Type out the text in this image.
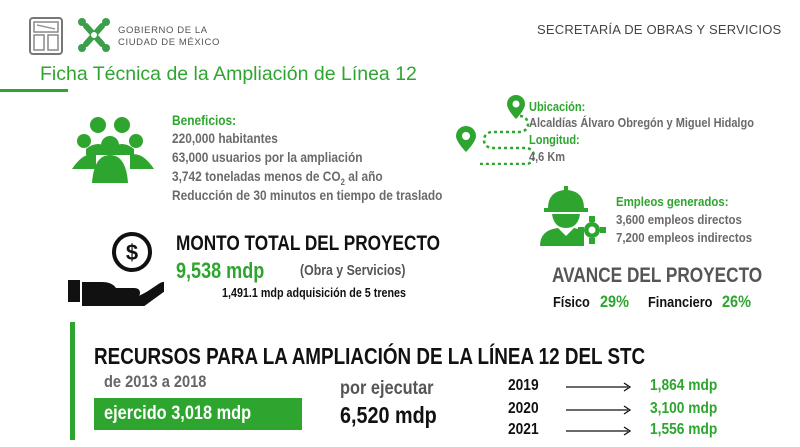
GOBIERNO DE LA
CIUDAD DE MÉXICO
SECRETARÍA DE OBRAS Y SERVICIOS
Ficha Técnica de la Ampliación de Línea 12
Beneficios:
220,000 habitantes
63,000 usuarios por la ampliación
3,742 toneladas menos de $CO_2$ al año
Reducción de 30 minutos en tiempo de traslado
Ubicación:
Alcaldías Álvaro Obregón y Miguel Hidalgo
Longitud:
4,6 Km
Empleos generados:
3,600 empleos directos
7,200 empleos indirectos
$ MONTO TOTAL DEL PROYECTO
9,538 mdp (Obra y Servicios)
1,491.1 mdp adquisición de 5 trenes
AVANCE DEL PROYECTO
Físico 29% Financiero 26%
RECURSOS PARA LA AMPLIACIÓN DE LA LÍNEA 12 DEL STC
de 2013 a 2018
ejercido 3,018 mdp
por ejecutar
6,520 mdp
2019	1,864 mdp
2020	3,100 mdp
2021	1,556 mdp
